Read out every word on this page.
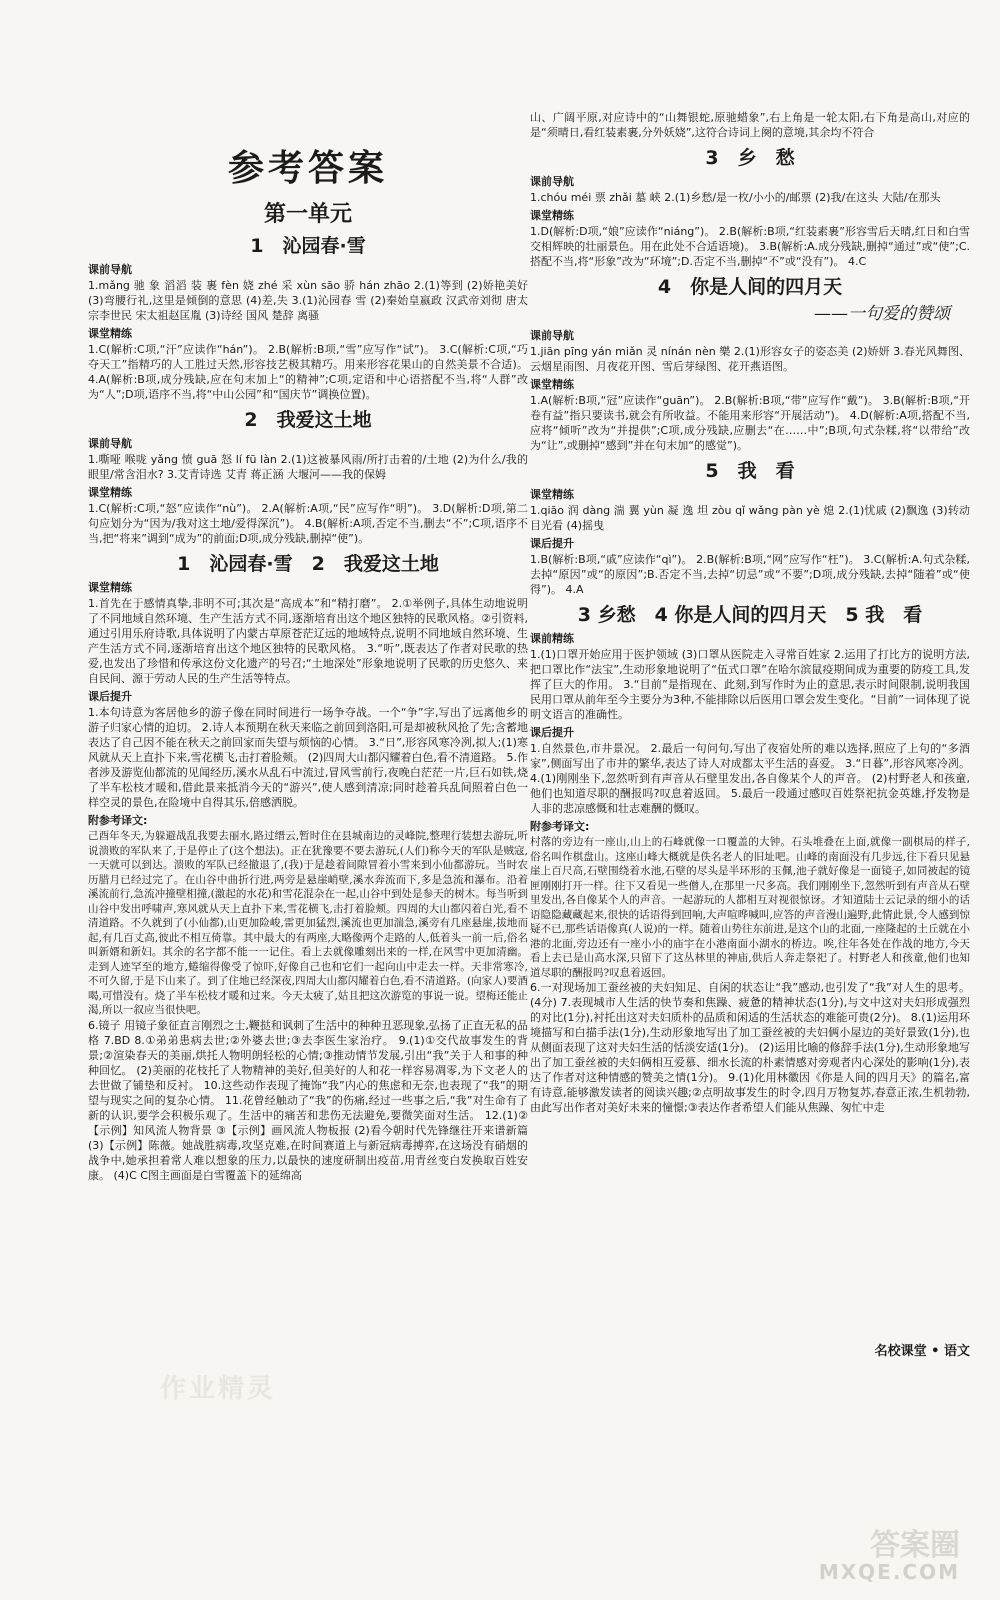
参考答案
第一单元
1　沁园春·雪
课前导航

1.mǎng 驰 象 滔滔 装 裹 fèn 娆 zhé 采 xùn sāo 骄 hán zhāo 2.(1)等到 (2)娇艳美好 (3)弯腰行礼,这里是倾倒的意思 (4)差,失 3.(1)沁园春 雪 (2)秦始皇嬴政 汉武帝刘彻 唐太宗李世民 宋太祖赵匡胤 (3)诗经 国风 楚辞 离骚

课堂精练

1.C(解析:C项,“汗”应读作“hán”)。 2.B(解析:B项,“雪”应写作“试”)。 3.C(解析:C项,“巧夺天工”指精巧的人工胜过天然,形容技艺极其精巧。用来形容花果山的自然美景不合适)。 4.A(解析:B项,成分残缺,应在句末加上“的精神”;C项,定语和中心语搭配不当,将“人群”改为“人”;D项,语序不当,将“中山公园”和“国庆节”调换位置)。

2　我爱这土地
课前导航

1.嘶哑 喉咙 yǎng 愤 guā 怒 lí fū làn 2.(1)这被暴风雨/所打击着的/土地 (2)为什么/我的眼里/常含泪水? 3.艾青诗选 艾青 蒋正涵 大堰河——我的保姆

课堂精练

1.C(解析:C项,“怒”应读作“nù”)。 2.A(解析:A项,“民”应写作“明”)。 3.D(解析:D项,第二句应划分为“因为/我对这土地/爱得深沉”)。 4.B(解析:A项,否定不当,删去“不”;C项,语序不当,把“将来”调到“成为”的前面;D项,成分残缺,删掉“使”)。

1　沁园春·雪　2　我爱这土地
课堂精练

1.首先在于感情真挚,非明不可;其次是“高成本”和“精打磨”。 2.①举例子,具体生动地说明了不同地域自然环境、生产生活方式不同,逐渐培育出这个地区独特的民歌风格。②引资料,通过引用乐府诗歌,具体说明了内蒙古草原苍茫辽远的地域特点,说明不同地域自然环境、生产生活方式不同,逐渐培育出这个地区独特的民歌风格。 3.“听”,既表达了作者对民歌的热爱,也发出了珍惜和传承这份文化遗产的号召;“土地深处”形象地说明了民歌的历史悠久、来自民间、源于劳动人民的生产生活等特点。

课后提升

1.本句诗意为客居他乡的游子像在同时间进行一场争夺战。一个“争”字,写出了远离他乡的游子归家心情的迫切。 2.诗人本预期在秋天来临之前回到洛阳,可是却被秋风抢了先;含蓄地表达了自己因不能在秋天之前回家而失望与烦恼的心情。 3.“日”,形容风寒冷冽,拟人;(1)寒风就从天上直扑下来,雪花横飞,击打着脸颊。 (2)四周大山都闪耀着白色,看不清道路。 5.作者涉及游览仙都流的见闻经历,溪水从乱石中流过,冒风雪前行,夜晚白茫茫一片,巨石如铁,烧了半车松枝才暖和,借此景来抵消今天的“游兴”,使人感到清凉;同时趁着兵乱间照着白色一样空灵的景色,在险境中自得其乐,倍感洒脱。

附参考译文:

己酉年冬天,为躲避战乱我要去丽水,路过缙云,暂时住在县城南边的灵峰院,整理行装想去游玩,听说溃败的军队来了,于是停止了(这个想法)。正在犹豫要不要去游玩,(人们)称今天的军队是贼寇,一天就可以到达。溃败的军队已经撤退了,(我)于是趁着间隙冒着小雪来到小仙都游玩。当时农历腊月已经过完了。在山谷中曲折行进,两旁是悬崖峭壁,溪水奔流而下,多是急流和瀑布。沿着溪流前行,急流冲撞壁相撞,(激起的水花)和雪花混杂在一起,山谷中到处是参天的树木。每当听到山谷中发出呼啸声,寒风就从天上直扑下来,雪花横飞,击打着脸颊。四周的大山都闪着白光,看不清道路。不久就到了(小仙都),山更加险峻,雷更加猛烈,溪流也更加湍急,溪旁有几座悬崖,拔地而起,有几百丈高,彼此不相互倚靠。其中最大的有两座,大略像两个走路的人,低着头一前一后,俗名叫新婿和新妇。其余的名字都不能一一记住。看上去就像雕刻出来的一样,在风雪中更加清幽。走到人迹罕至的地方,蜷缩得像受了惊吓,好像自己也和它们一起向山中走去一样。天非常寒冷,不可久留,于是下山来了。到了住地已经深夜,四周大山都闪耀着白色,看不清道路。(向家人)要酒喝,可惜没有。烧了半车松枝才暖和过来。今天太疲了,姑且把这次游览的事说一说。望梅还能止渴,所以一叙应当很快吧。

6.镜子 用镜子象征直言刚烈之士,鞭挞和讽刺了生活中的种种丑恶现象,弘扬了正直无私的品格 7.BD 8.①弟弟患病去世;②外婆去世;③去李医生家治疗。 9.(1)①交代故事发生的背景;②渲染春天的美丽,烘托人物明朗轻松的心情;③推动情节发展,引出“我”关于人和事的种种回忆。 (2)美丽的花枝托了人物精神的美好,但美好的人和花一样容易凋零,为下文老人的去世做了铺垫和反衬。 10.这些动作表现了掩饰“我”内心的焦虑和无奈,也表现了“我”的期望与现实之间的复杂心情。 11.花曾经触动了“我”的伤痛,经过一些事之后,“我”对生命有了新的认识,要学会积极乐观了。生活中的痛苦和悲伤无法避免,要微笑面对生活。 12.(1)②【示例】知风流人物背景 ③【示例】画风流人物板报 (2)看今朝时代先锋继往开来谱新篇 (3)【示例】陈薇。她战胜病毒,攻坚克难,在时间赛道上与新冠病毒搏弈,在这场没有硝烟的战争中,她承担着常人难以想象的压力,以最快的速度研制出疫苗,用青丝变白发换取百姓安康。 (4)C C图主画面是白雪覆盖下的延绵高

山、广阔平原,对应诗中的“山舞银蛇,原驰蜡象”,右上角是一轮太阳,右下角是高山,对应的是“须晴日,看红装素裹,分外妖娆”,这符合诗词上阕的意境,其余均不符合

3　乡　愁
课前导航

1.chóu méi 票 zhǎi 墓 峡 2.(1)乡愁/是一枚/小小的/邮票 (2)我/在这头 大陆/在那头

课堂精练

1.D(解析:D项,“娘”应读作“niáng”)。 2.B(解析:B项,“红装素裹”形容雪后天晴,红日和白雪交相辉映的壮丽景色。用在此处不合适语境)。 3.B(解析:A.成分残缺,删掉“通过”或“使”;C.搭配不当,将“形象”改为“环境”;D.否定不当,删掉“不”或“没有”)。 4.C

4　你是人间的四月天
——一句爱的赞颂
课前导航

1.jiān pīng yán miǎn 灵 nínán nèn 樂 2.(1)形容女子的姿态美 (2)娇妍 3.春光风舞图、云烟星雨图、月夜花开图、雪后芽绿图、花开燕语图。

课堂精练

1.A(解析:B项,“冠”应读作“guān”)。 2.B(解析:B项,“带”应写作“戴”)。 3.B(解析:B项,“开卷有益”指只要读书,就会有所收益。不能用来形容“开展活动”)。 4.D(解析:A项,搭配不当,应将“倾听”改为“并提供”;C项,成分残缺,应删去“在……中”;B项,句式杂糅,将“以带给”改为“让”,或删掉“感到”并在句末加“的感觉”)。

5　我　看
课堂精练

1.qiāo 润 dàng 湍 翼 yùn 凝 逸 坦 zòu qǐ wǎng pàn yè 熄 2.(1)忧戚 (2)飘逸 (3)转动目光看 (4)摇曳

课后提升

1.B(解析:B项,“戚”应读作“qì”)。 2.B(解析:B项,“网”应写作“枉”)。 3.C(解析:A.句式杂糅,去掉“原因”或“的原因”;B.否定不当,去掉“切忌”或“不要”;D项,成分残缺,去掉“随着”或“使得”)。 4.A

3 乡愁　4 你是人间的四月天　5 我　看
课前精练

1.(1)口罩开始应用于医护领域 (3)口罩从医院走入寻常百姓家 2.运用了打比方的说明方法,把口罩比作“法宝”,生动形象地说明了“伍式口罩”在哈尔滨鼠疫期间成为重要的防疫工具,发挥了巨大的作用。 3.“目前”是指现在、此刻,到写作时为止的意思,表示时间限制,说明我国民用口罩从前年至今主要分为3种,不能排除以后医用口罩会发生变化。“目前”一词体现了说明文语言的准确性。

课后提升

1.自然景色,市井景况。 2.最后一句问句,写出了夜宿处所的难以选择,照应了上句的“多酒家”,侧面写出了市井的繁华,表达了诗人对成都太平生活的喜爱。 3.“日暮”,形容风寒冷冽。 4.(1)刚刚坐下,忽然听到有声音从石壁里发出,各自像某个人的声音。 (2)村野老人和孩童,他们也知道尽职的酬报吗?叹息着返回。 5.最后一段通过感叹百姓祭祀抗金英雄,抒发物是人非的悲凉感慨和壮志难酬的慨叹。

附参考译文:

村落的旁边有一座山,山上的石峰就像一口覆盖的大钟。石头堆叠在上面,就像一副棋局的样子,俗名叫作棋盘山。这座山峰大概就是佚名老人的旧址吧。山峰的南面没有几步远,往下看只见悬崖上百尺高,石壁围绕着水池,石壁的尽头是半环形的玉佩,池子就好像是一面镜子,如同被起的镜匣刚刚打开一样。往下又看见一些僧人,在那里一尺多高。我们刚刚坐下,忽然听到有声音从石壁里发出,各自像某个人的声音。一起游玩的人都相互对视很惊讶。才知道陆士云记录的细小的话语隐隐藏藏起来,很快的话语得到回响,大声喧哗喊叫,应答的声音漫山遍野,此情此景,令人感到惊疑不已,那些话语像真(人说)的一样。随着山势往东前进,是这个山的北面,一座隆起的土丘就在小港的北面,旁边还有一座小小的庙宇在小港南面小湖水的桥边。唉,往年各处在作战的地方,今天看上去已是山高水深,只留下了这丛林里的神庙,供后人奔走祭祀了。村野老人和孩童,他们也知道尽职的酬报吗?叹息着返回。

6.一对现场加工蚕丝被的夫妇知足、自闲的状态让“我”感动,也引发了“我”对人生的思考。(4分) 7.表现城市人生活的快节奏和焦躁、疲惫的精神状态(1分),与文中这对夫妇形成强烈的对比(1分),衬托出这对夫妇质朴的品质和闲适的生活状态的难能可贵(2分)。 8.(1)运用环境描写和白描手法(1分),生动形象地写出了加工蚕丝被的夫妇俩小屋边的美好景致(1分),也从侧面表现了这对夫妇生活的恬淡安适(1分)。 (2)运用比喻的修辞手法(1分),生动形象地写出了加工蚕丝被的夫妇俩相互爱慕、细水长流的朴素情感对旁观者内心深处的影响(1分),表达了作者对这种情感的赞美之情(1分)。 9.(1)化用林徽因《你是人间的四月天》的篇名,富有诗意,能够激发读者的阅读兴趣;②点明故事发生的时令,四月万物复苏,春意正浓,生机勃勃,由此写出作者对美好未来的憧憬;③表达作者希望人们能从焦躁、匆忙中走

名校课堂 • 语文
作业精灵
答案圈
MXQE.COM
